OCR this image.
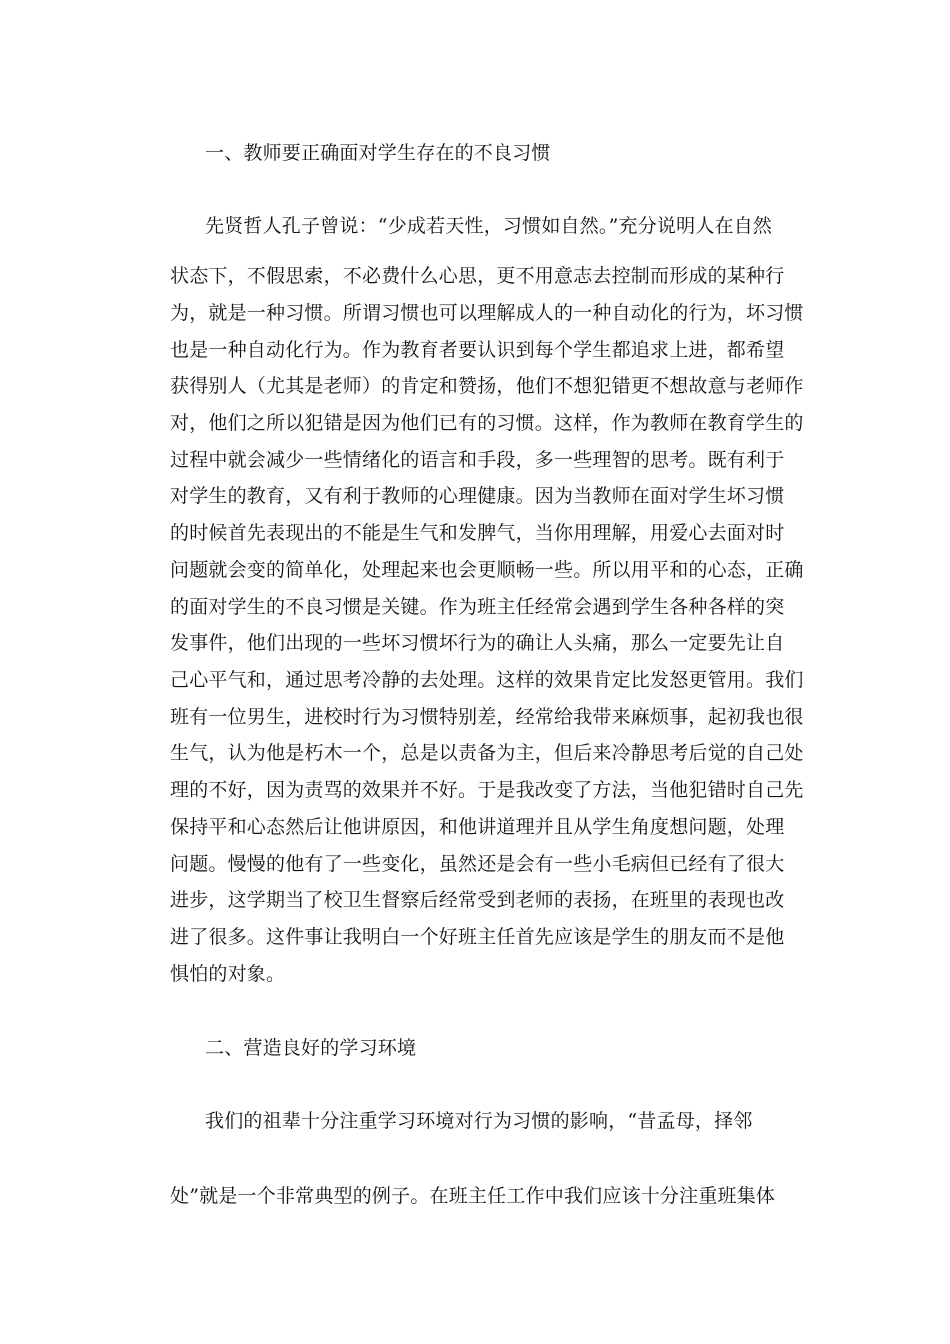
一、教师要正确面对学生存在的不良习惯
先贤哲人孔子曾说：“少成若天性，习惯如自然。”充分说明人在自然
状态下，不假思索，不必费什么心思，更不用意志去控制而形成的某种行
为，就是一种习惯。所谓习惯也可以理解成人的一种自动化的行为，坏习惯
也是一种自动化行为。作为教育者要认识到每个学生都追求上进，都希望
获得别人（尤其是老师）的肯定和赞扬，他们不想犯错更不想故意与老师作
对，他们之所以犯错是因为他们已有的习惯。这样，作为教师在教育学生的
过程中就会减少一些情绪化的语言和手段，多一些理智的思考。既有利于
对学生的教育，又有利于教师的心理健康。因为当教师在面对学生坏习惯
的时候首先表现出的不能是生气和发脾气，当你用理解，用爱心去面对时
问题就会变的简单化，处理起来也会更顺畅一些。所以用平和的心态，正确
的面对学生的不良习惯是关键。作为班主任经常会遇到学生各种各样的突
发事件，他们出现的一些坏习惯坏行为的确让人头痛，那么一定要先让自
己心平气和，通过思考冷静的去处理。这样的效果肯定比发怒更管用。我们
班有一位男生，进校时行为习惯特别差，经常给我带来麻烦事，起初我也很
生气，认为他是朽木一个，总是以责备为主，但后来冷静思考后觉的自己处
理的不好，因为责骂的效果并不好。于是我改变了方法，当他犯错时自己先
保持平和心态然后让他讲原因，和他讲道理并且从学生角度想问题，处理
问题。慢慢的他有了一些变化，虽然还是会有一些小毛病但已经有了很大
进步，这学期当了校卫生督察后经常受到老师的表扬，在班里的表现也改
进了很多。这件事让我明白一个好班主任首先应该是学生的朋友而不是他
惧怕的对象。
二、营造良好的学习环境
我们的祖辈十分注重学习环境对行为习惯的影响，“昔孟母，择邻
处”就是一个非常典型的例子。在班主任工作中我们应该十分注重班集体
